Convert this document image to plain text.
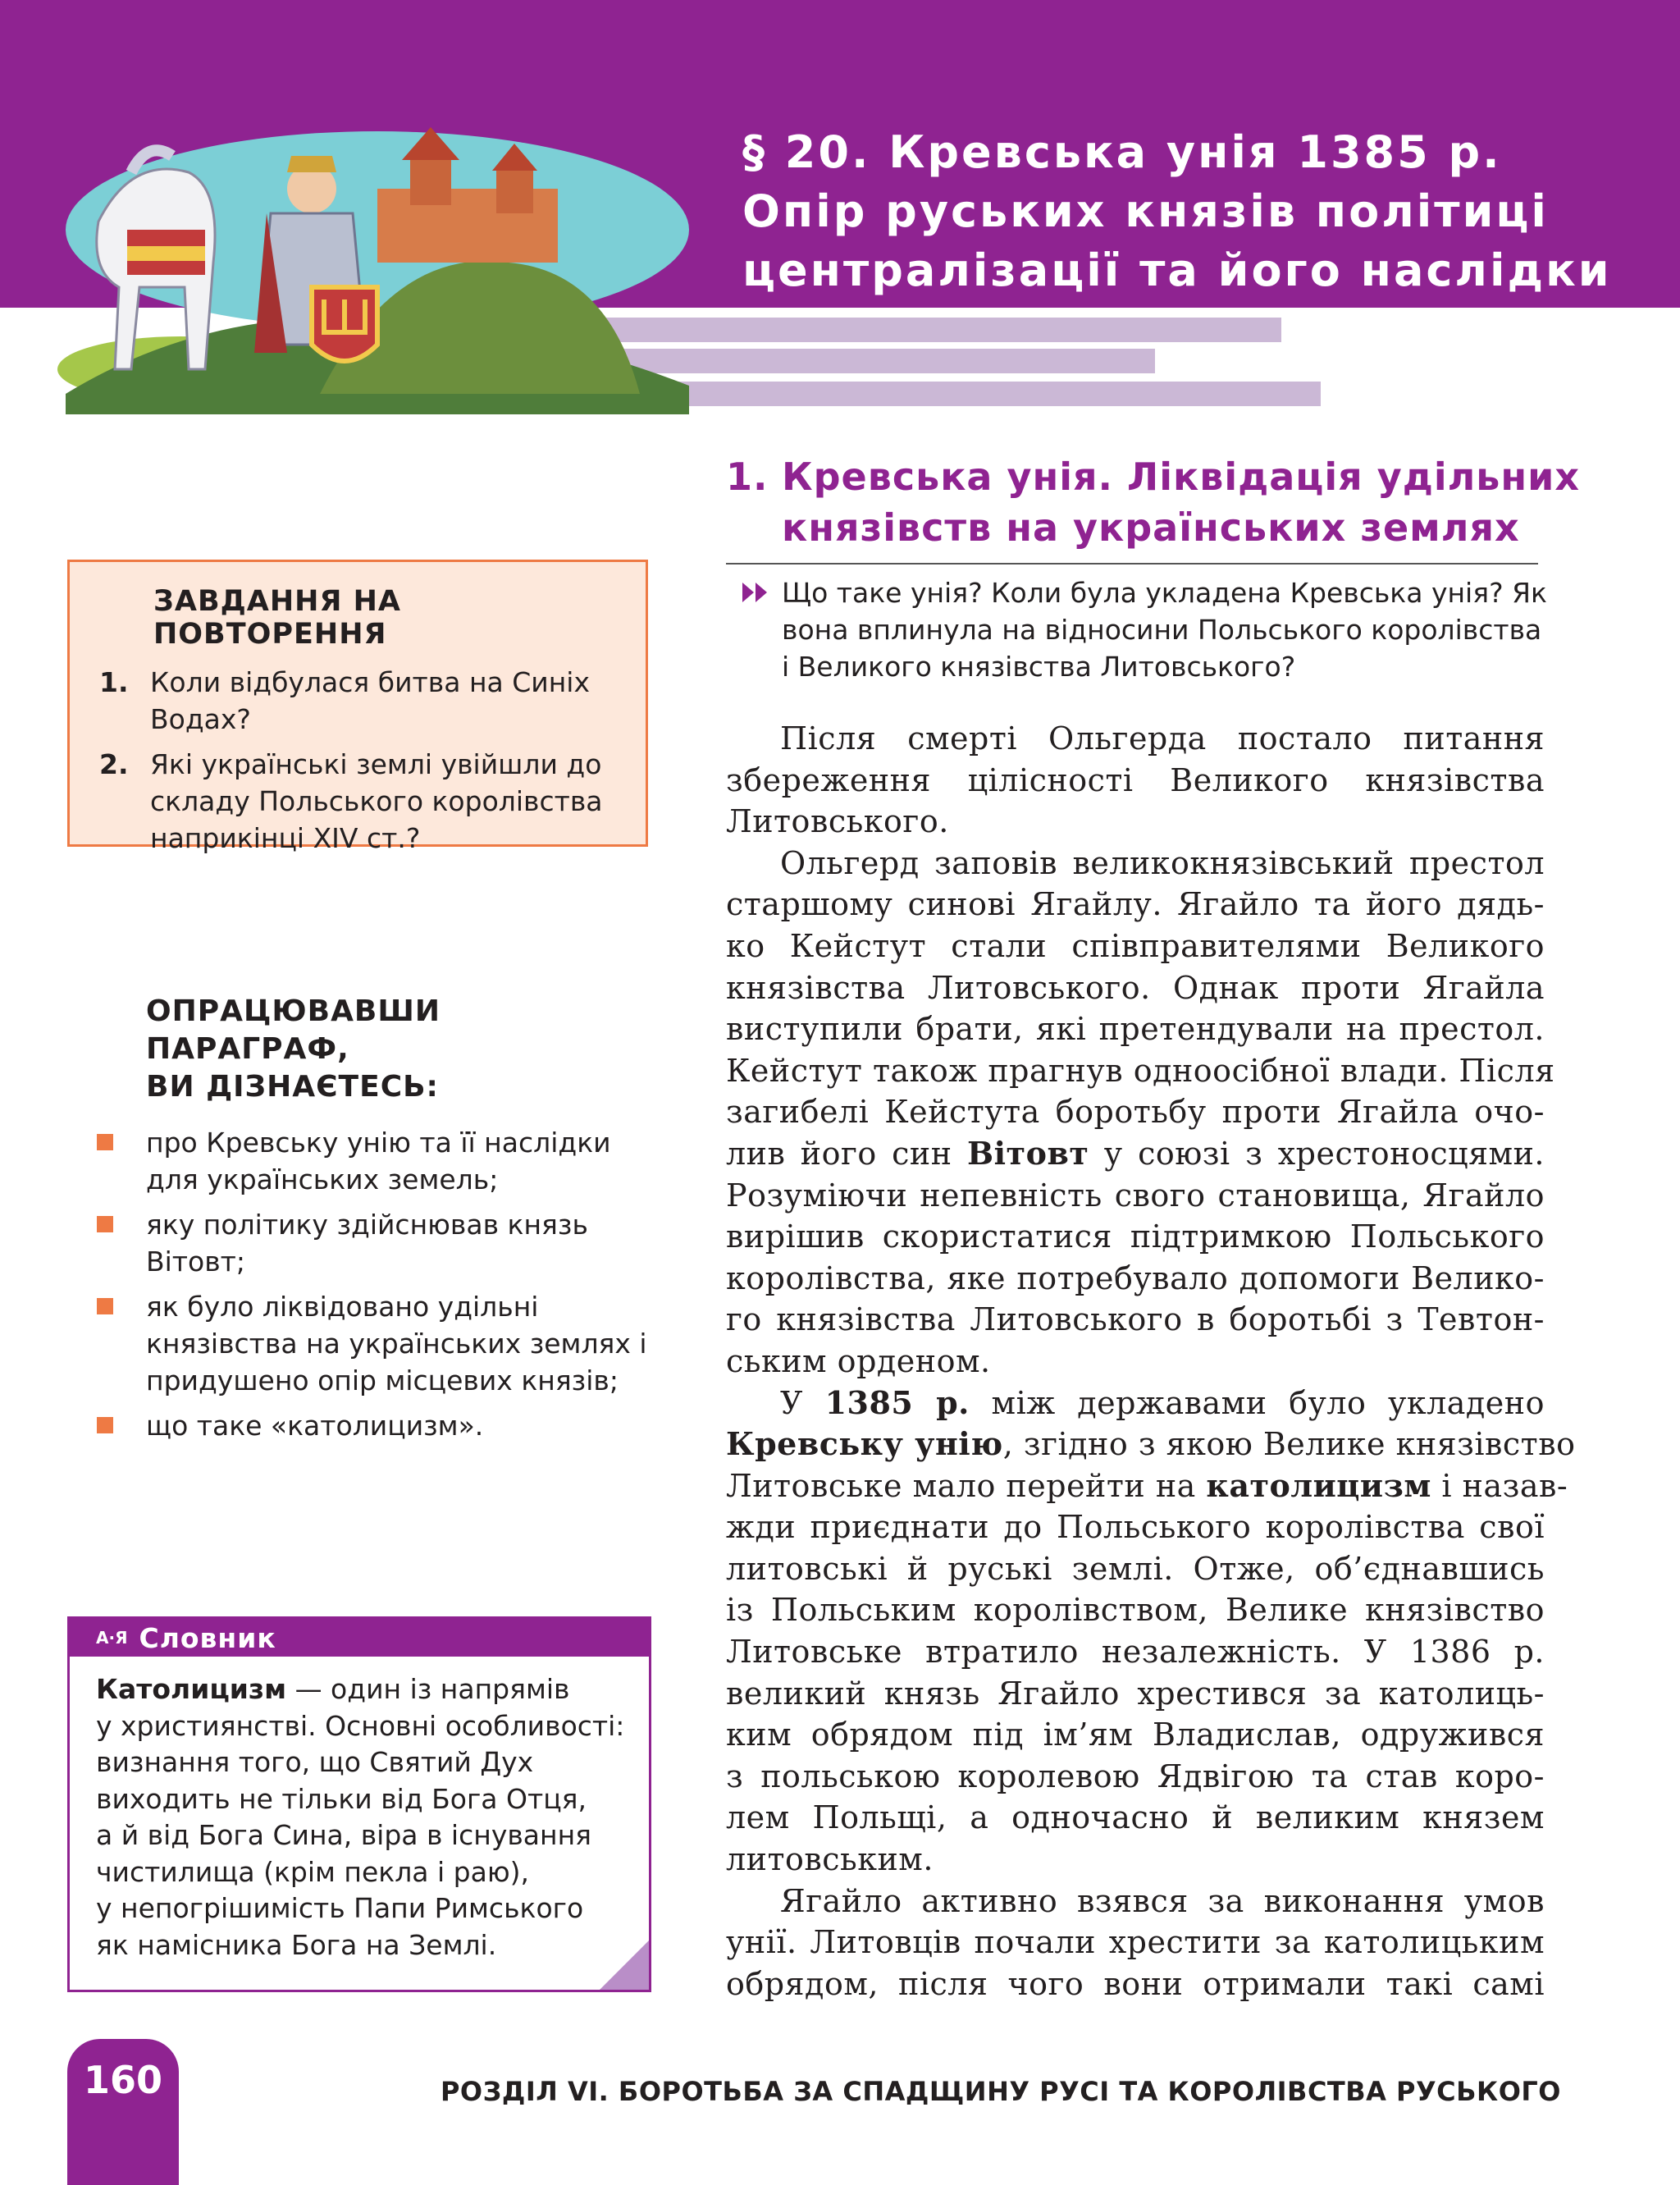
§ 20. Кревська унія 1385 р.
Опір руських князів політиці
централізації та його наслідки
ЗАВДАННЯ НА ПОВТОРЕННЯ
1. Коли відбулася битва на Синіх Водах?
2. Які українські землі увійшли до складу Польського королівства наприкінці XIV ст.?
ОПРАЦЮВАВШИ ПАРАГРАФ,
ВИ ДІЗНАЄТЕСЬ:
про Кревську унію та її наслідки для українських земель;
яку політику здійснював князь Вітовт;
як було ліквідовано удільні князівства на українських землях і придушено опір місцевих князів;
що таке «католицизм».
А·Я Словник
Католицизм — один із напрямів
у християнстві. Основні особливості:
визнання того, що Святий Дух
виходить не тільки від Бога Отця,
а й від Бога Сина, віра в існування
чистилища (крім пекла і раю),
у непогрішимість Папи Римського
як намісника Бога на Землі.
1. Кревська унія. Ліквідація удільних
князівств на українських землях
Що таке унія? Коли була укладена Кревська унія? Як
вона вплинула на відносини Польського королівства
і Великого князівства Литовського?
Після смерті Ольгерда постало питання
збереження цілісності Великого князівства
Литовського.
Ольгерд заповів великокнязівський престол
старшому синові Ягайлу. Ягайло та його дядь-
ко Кейстут стали співправителями Великого
князівства Литовського. Однак проти Ягайла
виступили брати, які претендували на престол.
Кейстут також прагнув одноосібної влади. Після
загибелі Кейстута боротьбу проти Ягайла очо-
лив його син Вітовт у союзі з хрестоносцями.
Розуміючи непевність свого становища, Ягайло
вирішив скористатися підтримкою Польського
королівства, яке потребувало допомоги Велико-
го князівства Литовського в боротьбі з Тевтон-
ським орденом.
У 1385 р. між державами було укладено
Кревську унію, згідно з якою Велике князівство
Литовське мало перейти на католицизм і назав-
жди приєднати до Польського королівства свої
литовські й руські землі. Отже, об’єднавшись
із Польським королівством, Велике князівство
Литовське втратило незалежність. У 1386 р.
великий князь Ягайло хрестився за католиць-
ким обрядом під ім’ям Владислав, одружився
з польською королевою Ядвігою та став коро-
лем Польщі, а одночасно й великим князем
литовським.
Ягайло активно взявся за виконання умов
унії. Литовців почали хрестити за католицьким
обрядом, після чого вони отримали такі самі
160	РОЗДІЛ VI. БОРОТЬБА ЗА СПАДЩИНУ РУСІ ТА КОРОЛІВСТВА РУСЬКОГО
